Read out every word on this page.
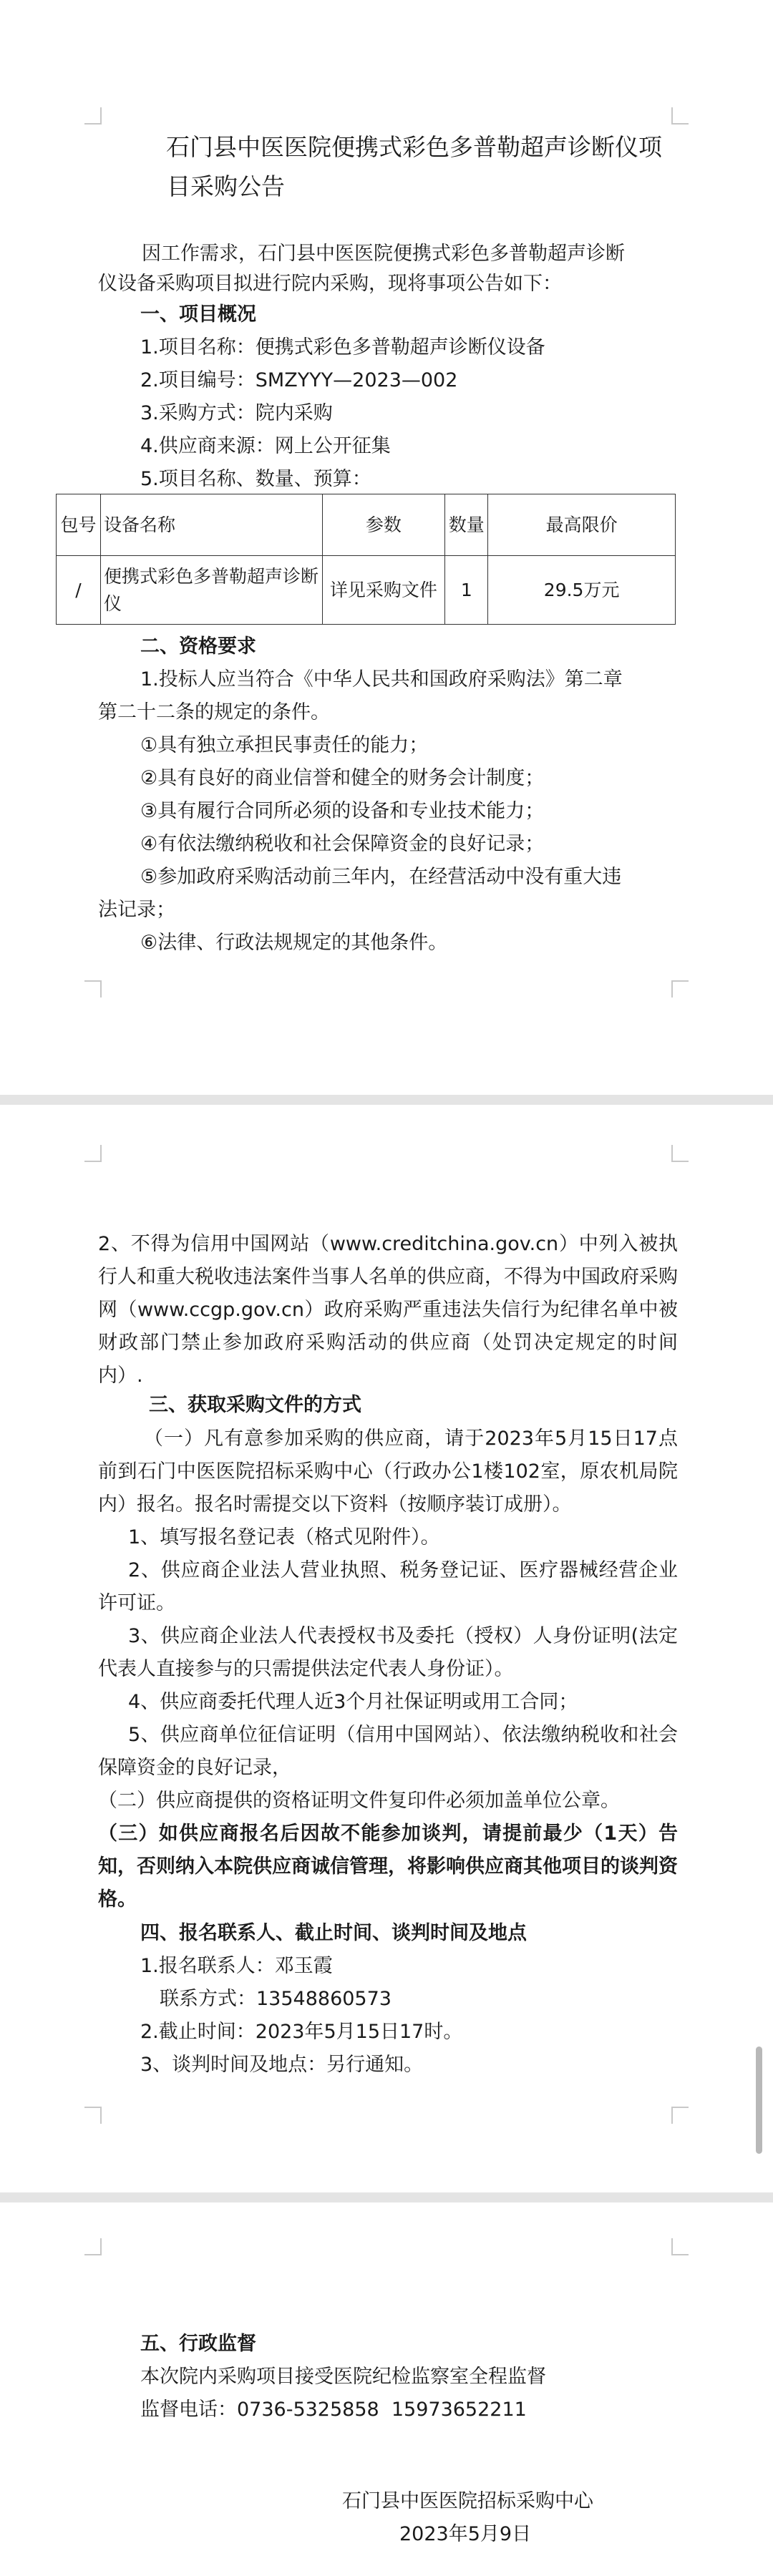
石门县中医医院便携式彩色多普勒超声诊断仪项
目采购公告
因工作需求，石门县中医医院便携式彩色多普勒超声诊断
仪设备采购项目拟进行院内采购，现将事项公告如下：
一、项目概况
1.项目名称：便携式彩色多普勒超声诊断仪设备
2.项目编号：SMZYYY—2023—002
3.采购方式：院内采购
4.供应商来源：网上公开征集
5.项目名称、数量、预算：
包号	设备名称	参数	数量	最高限价
/	便携式彩色多普勒超声诊断仪	详见采购文件	1	29.5万元
二、资格要求
1.投标人应当符合《中华人民共和国政府采购法》第二章
第二十二条的规定的条件。
①具有独立承担民事责任的能力；
②具有良好的商业信誉和健全的财务会计制度；
③具有履行合同所必须的设备和专业技术能力；
④有依法缴纳税收和社会保障资金的良好记录；
⑤参加政府采购活动前三年内，在经营活动中没有重大违
法记录；
⑥法律、行政法规规定的其他条件。
2、不得为信用中国网站（www.creditchina.gov.cn）中列入被执行人和重大税收违法案件当事人名单的供应商，不得为中国政府采购网（www.ccgp.gov.cn）政府采购严重违法失信行为纪律名单中被财政部门禁止参加政府采购活动的供应商（处罚决定规定的时间内）.
三、获取采购文件的方式
（一）凡有意参加采购的供应商，请于2023年5月15日17点前到石门中医医院招标采购中心（行政办公1楼102室，原农机局院内）报名。报名时需提交以下资料（按顺序装订成册）。
1、填写报名登记表（格式见附件）。
2、供应商企业法人营业执照、税务登记证、医疗器械经营企业许可证。
3、供应商企业法人代表授权书及委托（授权）人身份证明(法定代表人直接参与的只需提供法定代表人身份证）。
4、供应商委托代理人近3个月社保证明或用工合同；
5、供应商单位征信证明（信用中国网站）、依法缴纳税收和社会保障资金的良好记录，
（二）供应商提供的资格证明文件复印件必须加盖单位公章。
（三）如供应商报名后因故不能参加谈判，请提前最少（1天）告知，否则纳入本院供应商诚信管理，将影响供应商其他项目的谈判资格。
四、报名联系人、截止时间、谈判时间及地点
1.报名联系人：邓玉霞
联系方式：13548860573
2.截止时间：2023年5月15日17时。
3、谈判时间及地点：另行通知。
五、行政监督
本次院内采购项目接受医院纪检监察室全程监督
监督电话：0736-5325858  15973652211
石门县中医医院招标采购中心
2023年5月9日
